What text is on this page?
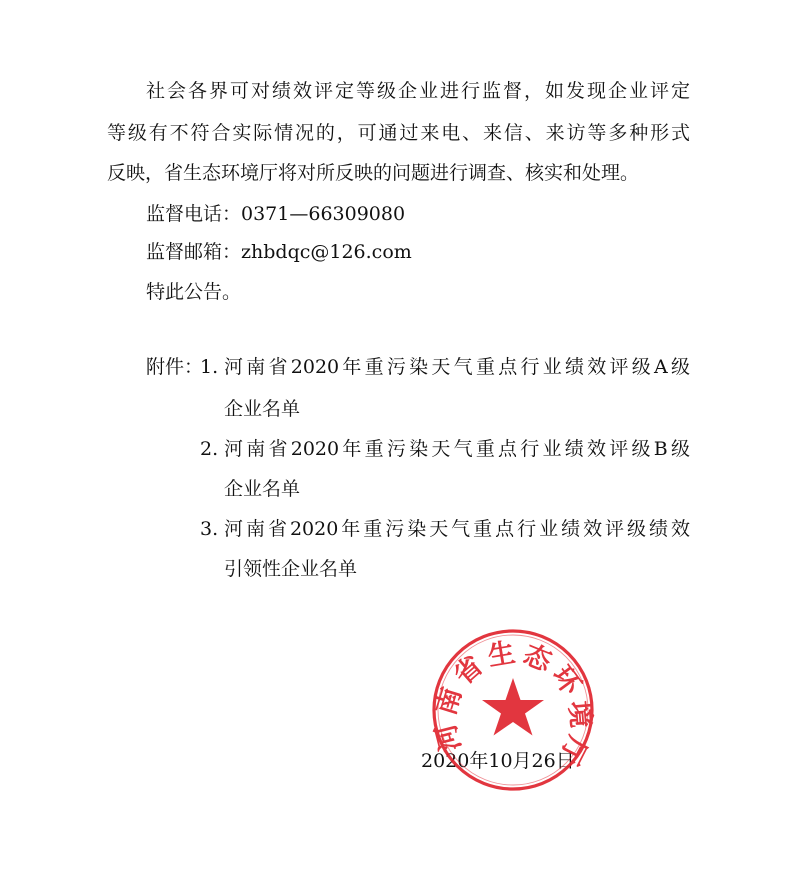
社会各界可对绩效评定等级企业进行监督，如发现企业评定
等级有不符合实际情况的，可通过来电、来信、来访等多种形式
反映，省生态环境厅将对所反映的问题进行调查、核实和处理。
监督电话：0371—66309080
监督邮箱：zhbdqc@126.com
特此公告。
附件：
1. 河南省2020年重污染天气重点行业绩效评级A级
企业名单
2. 河南省2020年重污染天气重点行业绩效评级B级
企业名单
3. 河南省2020年重污染天气重点行业绩效评级绩效
引领性企业名单
2020年10月26日
河南省生态环境厅
